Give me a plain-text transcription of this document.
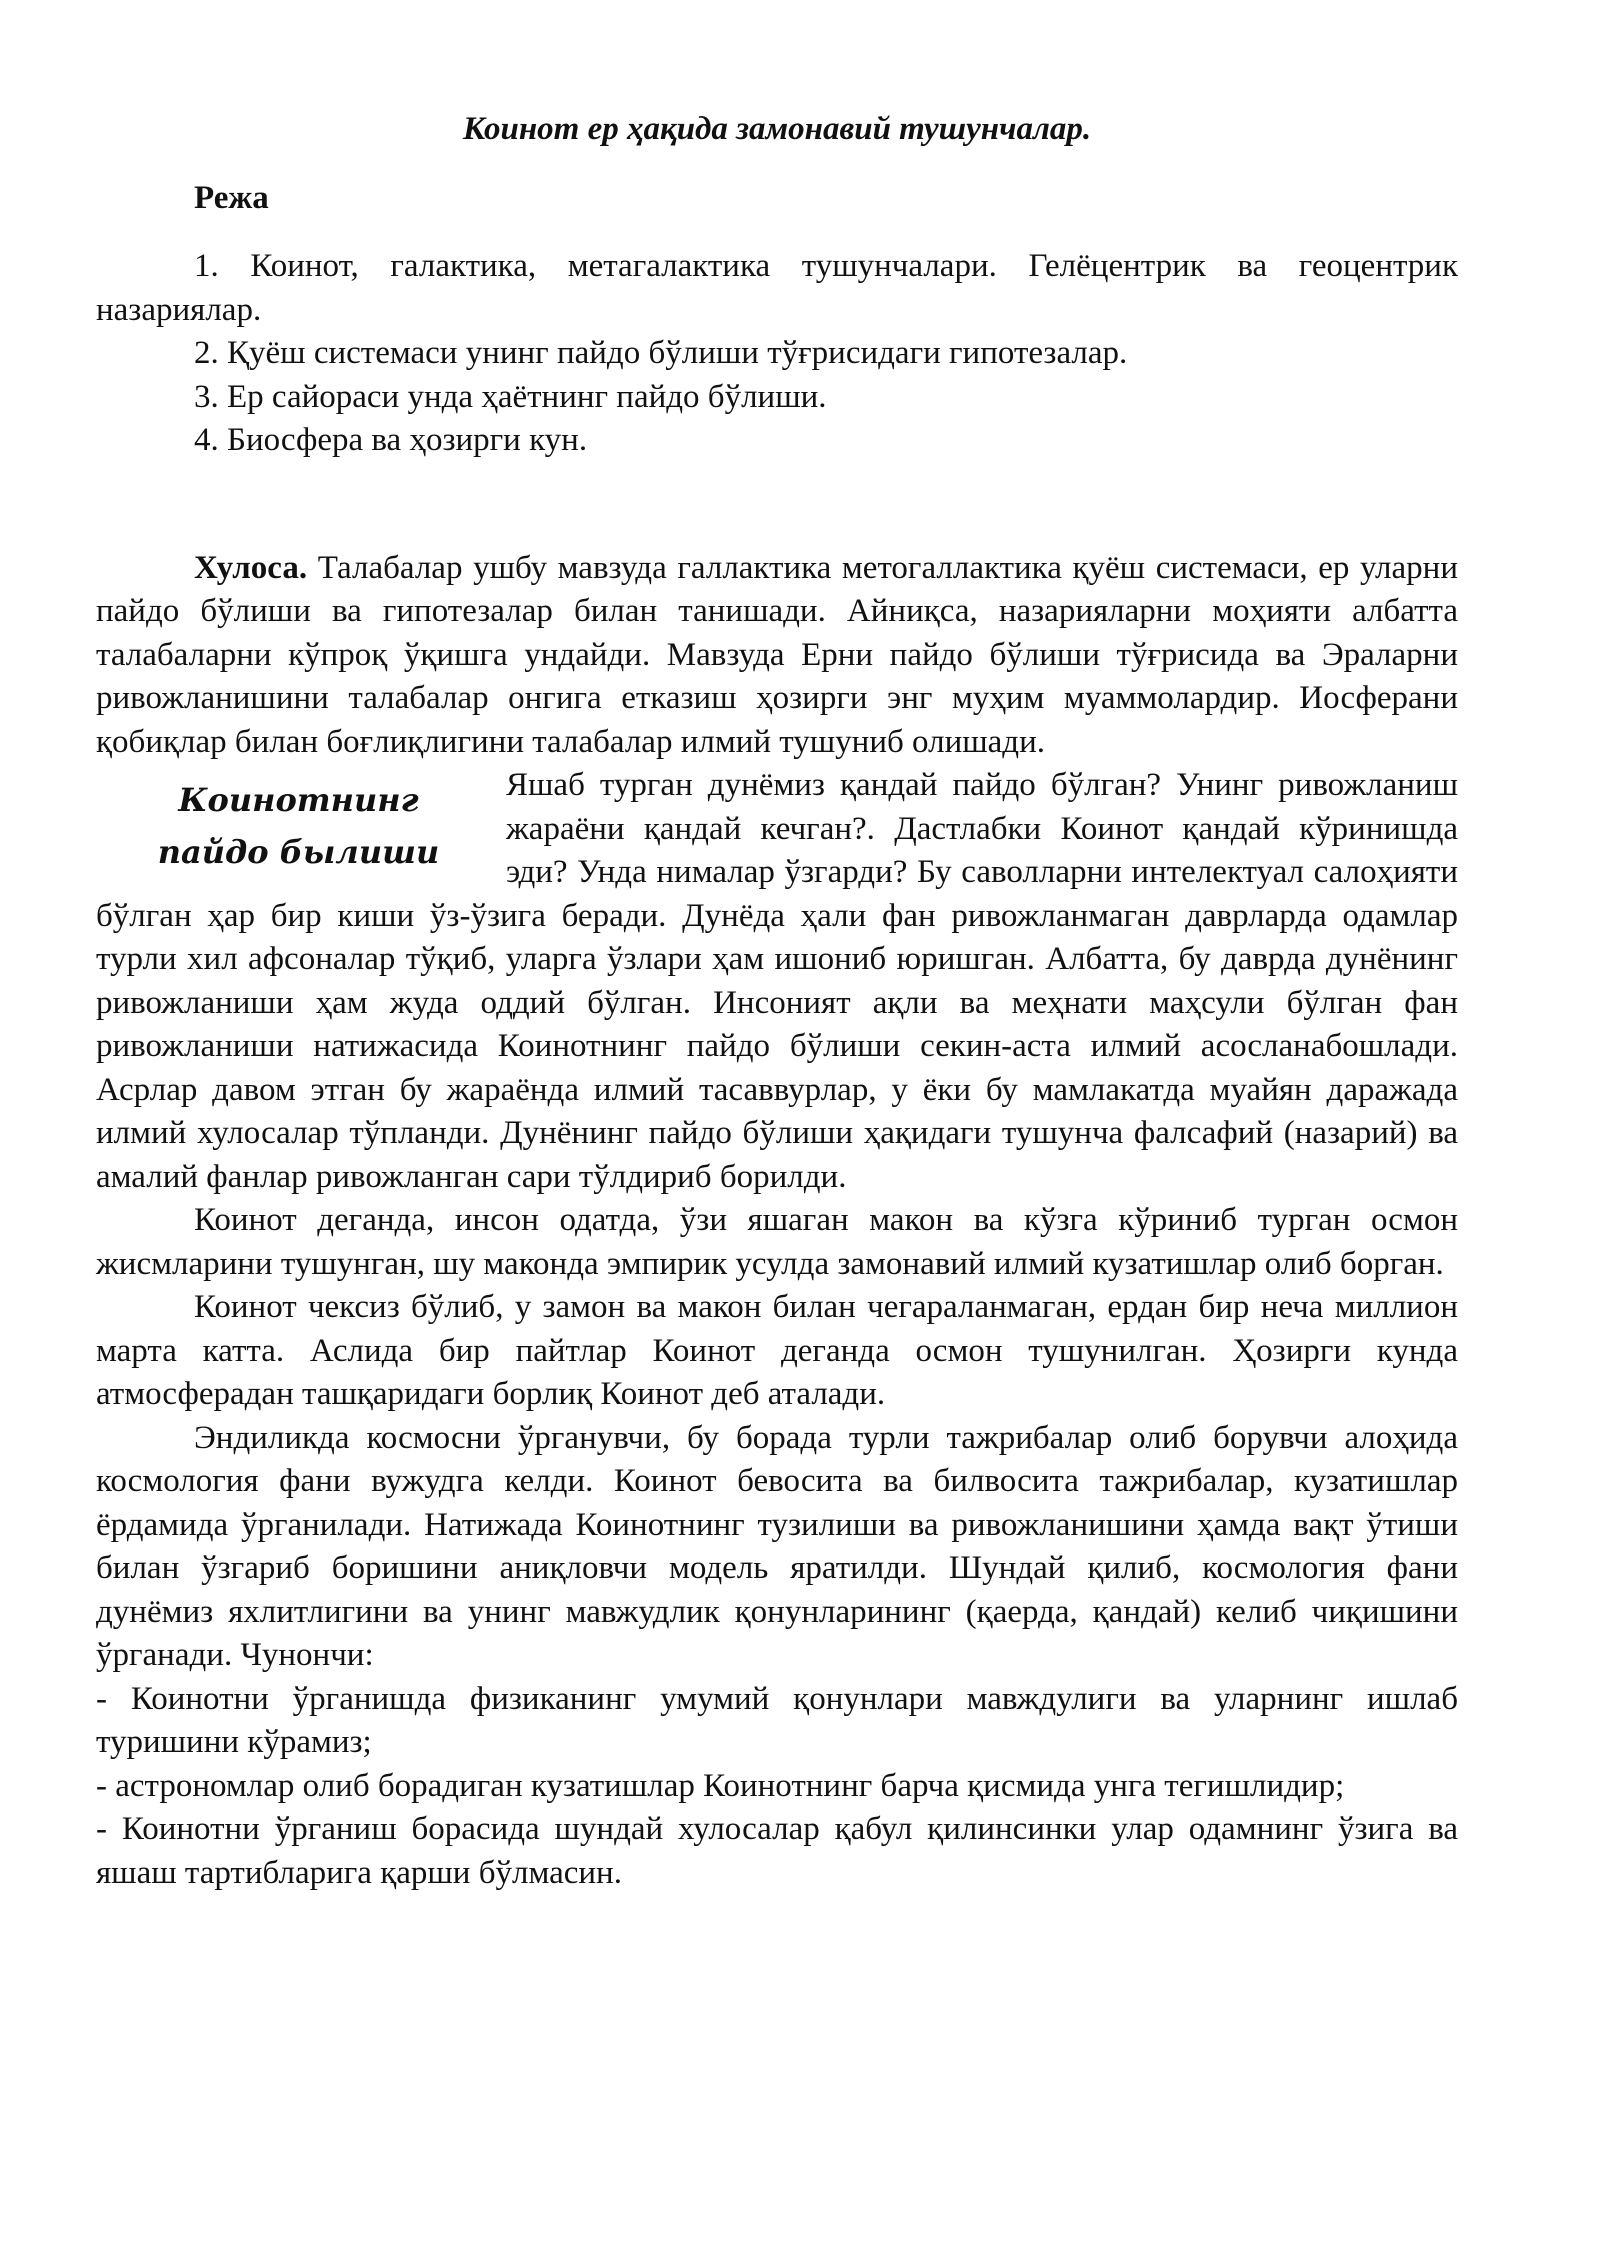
Коинот ер ҳақида замонавий тушунчалар.
Режа
1. Коинот, галактика, метагалактика тушунчалари. Гелёцентрик ва геоцентрик назариялар.
2. Қуёш системаси унинг пайдо бўлиши тўғрисидаги гипотезалар.
3. Ер сайораси унда ҳаётнинг пайдо бўлиши.
4. Биосфера ва ҳозирги кун.

Хулоса. Талабалар ушбу мавзуда галлактика метогаллактика қуёш системаси, ер уларни пайдо бўлиши ва гипотезалар билан танишади. Айниқса, назарияларни моҳияти албатта талабаларни кўпроқ ўқишга ундайди. Мавзуда Ерни пайдо бўлиши тўғрисида ва Эраларни ривожланишини талабалар онгига етказиш ҳозирги энг муҳим муаммолардир. Иосферани қобиқлар билан боғлиқлигини талабалар илмий тушуниб олишади.

Коинотнинг
пайдо былиши

Яшаб турган дунёмиз қандай пайдо бўлган? Унинг ривожланиш жараёни қандай кечган?. Дастлабки Коинот қандай кўринишда эди? Унда нималар ўзгарди? Бу саволларни интелектуал салоҳияти бўлган ҳар бир киши ўз-ўзига беради. Дунёда ҳали фан ривожланмаган даврларда одамлар турли хил афсоналар тўқиб, уларга ўзлари ҳам ишониб юришган. Албатта, бу даврда дунёнинг ривожланиши ҳам жуда оддий бўлган. Инсоният ақли ва меҳнати маҳсули бўлган фан ривожланиши натижасида Коинотнинг пайдо бўлиши секин-аста илмий асосланабошлади. Асрлар давом этган бу жараёнда илмий тасаввурлар, у ёки бу мамлакатда муайян даражада илмий хулосалар тўпланди. Дунёнинг пайдо бўлиши ҳақидаги тушунча фалсафий (назарий) ва амалий фанлар ривожланган сари тўлдириб борилди.

Коинот деганда, инсон одатда, ўзи яшаган макон ва кўзга кўриниб турган осмон жисмларини тушунган, шу маконда эмпирик усулда замонавий илмий кузатишлар олиб борган.

Коинот чексиз бўлиб, у замон ва макон билан чегараланмаган, ердан бир неча миллион марта катта. Аслида бир пайтлар Коинот деганда осмон тушунилган. Ҳозирги кунда атмосферадан ташқаридаги борлиқ Коинот деб аталади.

Эндиликда космосни ўрганувчи, бу борада турли тажрибалар олиб борувчи алоҳида космология фани вужудга келди. Коинот бевосита ва билвосита тажрибалар, кузатишлар ёрдамида ўрганилади. Натижада Коинотнинг тузилиши ва ривожланишини ҳамда вақт ўтиши билан ўзгариб боришини аниқловчи модель яратилди. Шундай қилиб, космология фани дунёмиз яхлитлигини ва унинг мавжудлик қонунларининг (қаерда, қандай) келиб чиқишини ўрганади. Чунончи:

- Коинотни ўрганишда физиканинг умумий қонунлари мавждулиги ва уларнинг ишлаб туришини кўрамиз;

- астрономлар олиб борадиган кузатишлар Коинотнинг барча қисмида унга тегишлидир;

- Коинотни ўрганиш борасида шундай хулосалар қабул қилинсинки улар одамнинг ўзига ва яшаш тартибларига қарши бўлмасин.
